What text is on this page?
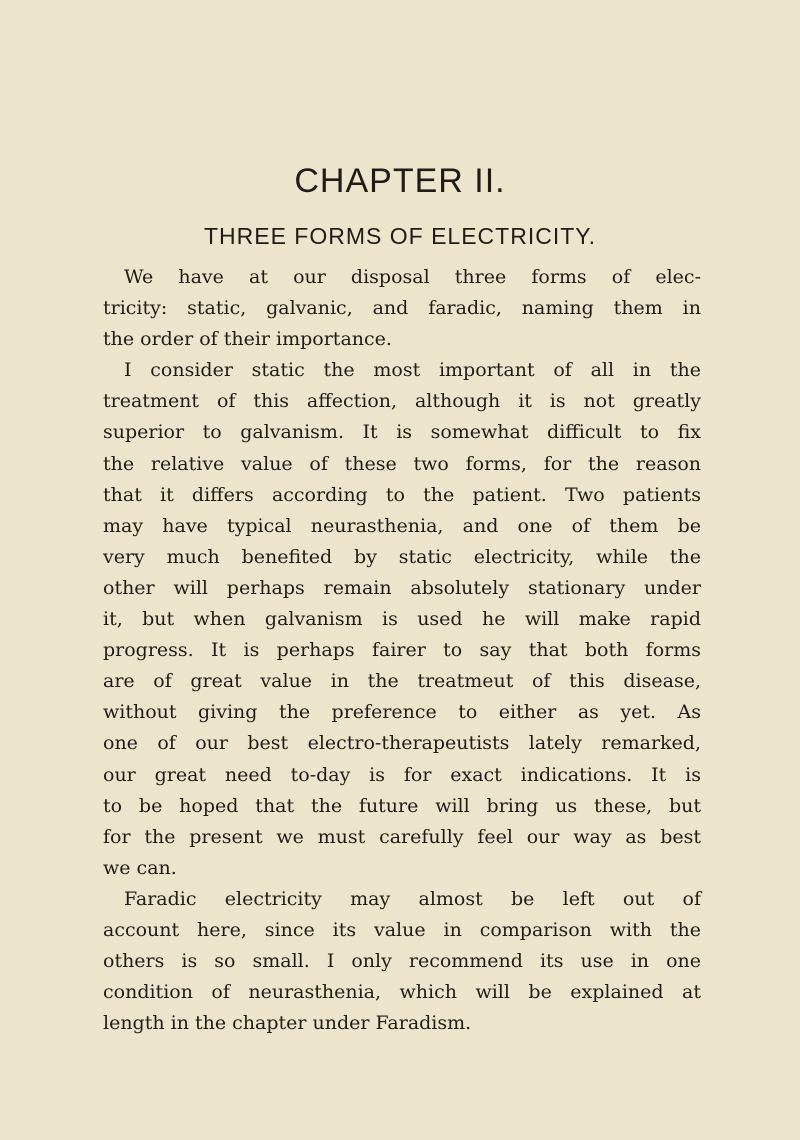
CHAPTER II.
THREE FORMS OF ELECTRICITY.
We have at our disposal three forms of elec-
tricity: static, galvanic, and faradic, naming them in
the order of their importance.
I consider static the most important of all in the
treatment of this affection, although it is not greatly
superior to galvanism. It is somewhat difficult to fix
the relative value of these two forms, for the reason
that it differs according to the patient. Two patients
may have typical neurasthenia, and one of them be
very much benefited by static electricity, while the
other will perhaps remain absolutely stationary under
it, but when galvanism is used he will make rapid
progress. It is perhaps fairer to say that both forms
are of great value in the treatmeut of this disease,
without giving the preference to either as yet. As
one of our best electro-therapeutists lately remarked,
our great need to-day is for exact indications. It is
to be hoped that the future will bring us these, but
for the present we must carefully feel our way as best
we can.
Faradic electricity may almost be left out of
account here, since its value in comparison with the
others is so small. I only recommend its use in one
condition of neurasthenia, which will be explained at
length in the chapter under Faradism.
